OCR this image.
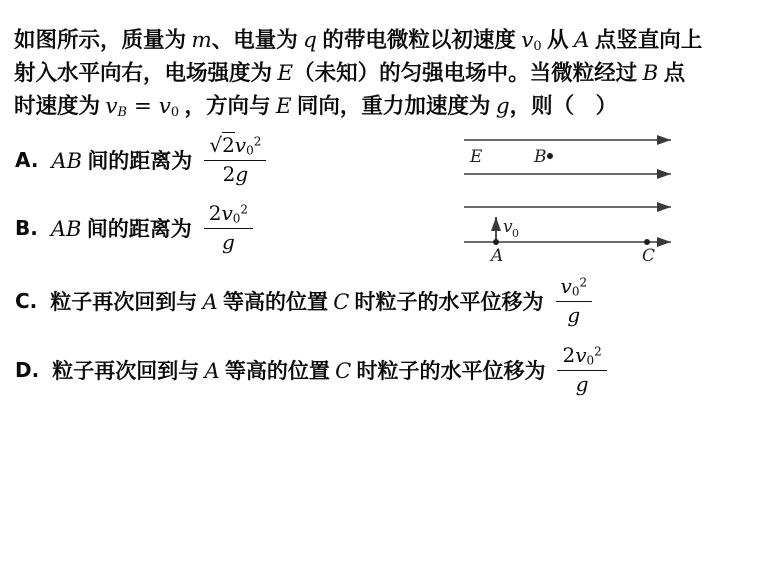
如图所示，质量为 m、电量为 q 的带电微粒以初速度 v0 从 A 点竖直向上
射入水平向右，电场强度为 E（未知）的匀强电场中。当微粒经过 B 点
时速度为 vB = v0 ，方向与 E 同向，重力加速度为 g，则（　）
A. AB 间的距离为 $\frac{√2v0^2}{2g}$
B. AB 间的距离为 $\frac{2v0^2}{g}$
C. 粒子再次回到与 A 等高的位置 C 时粒子的水平位移为 $\frac{v0^2}{g}$
D. 粒子再次回到与 A 等高的位置 C 时粒子的水平位移为 $\frac{2v0^2}{g}$
E	B
v 0
A	C
